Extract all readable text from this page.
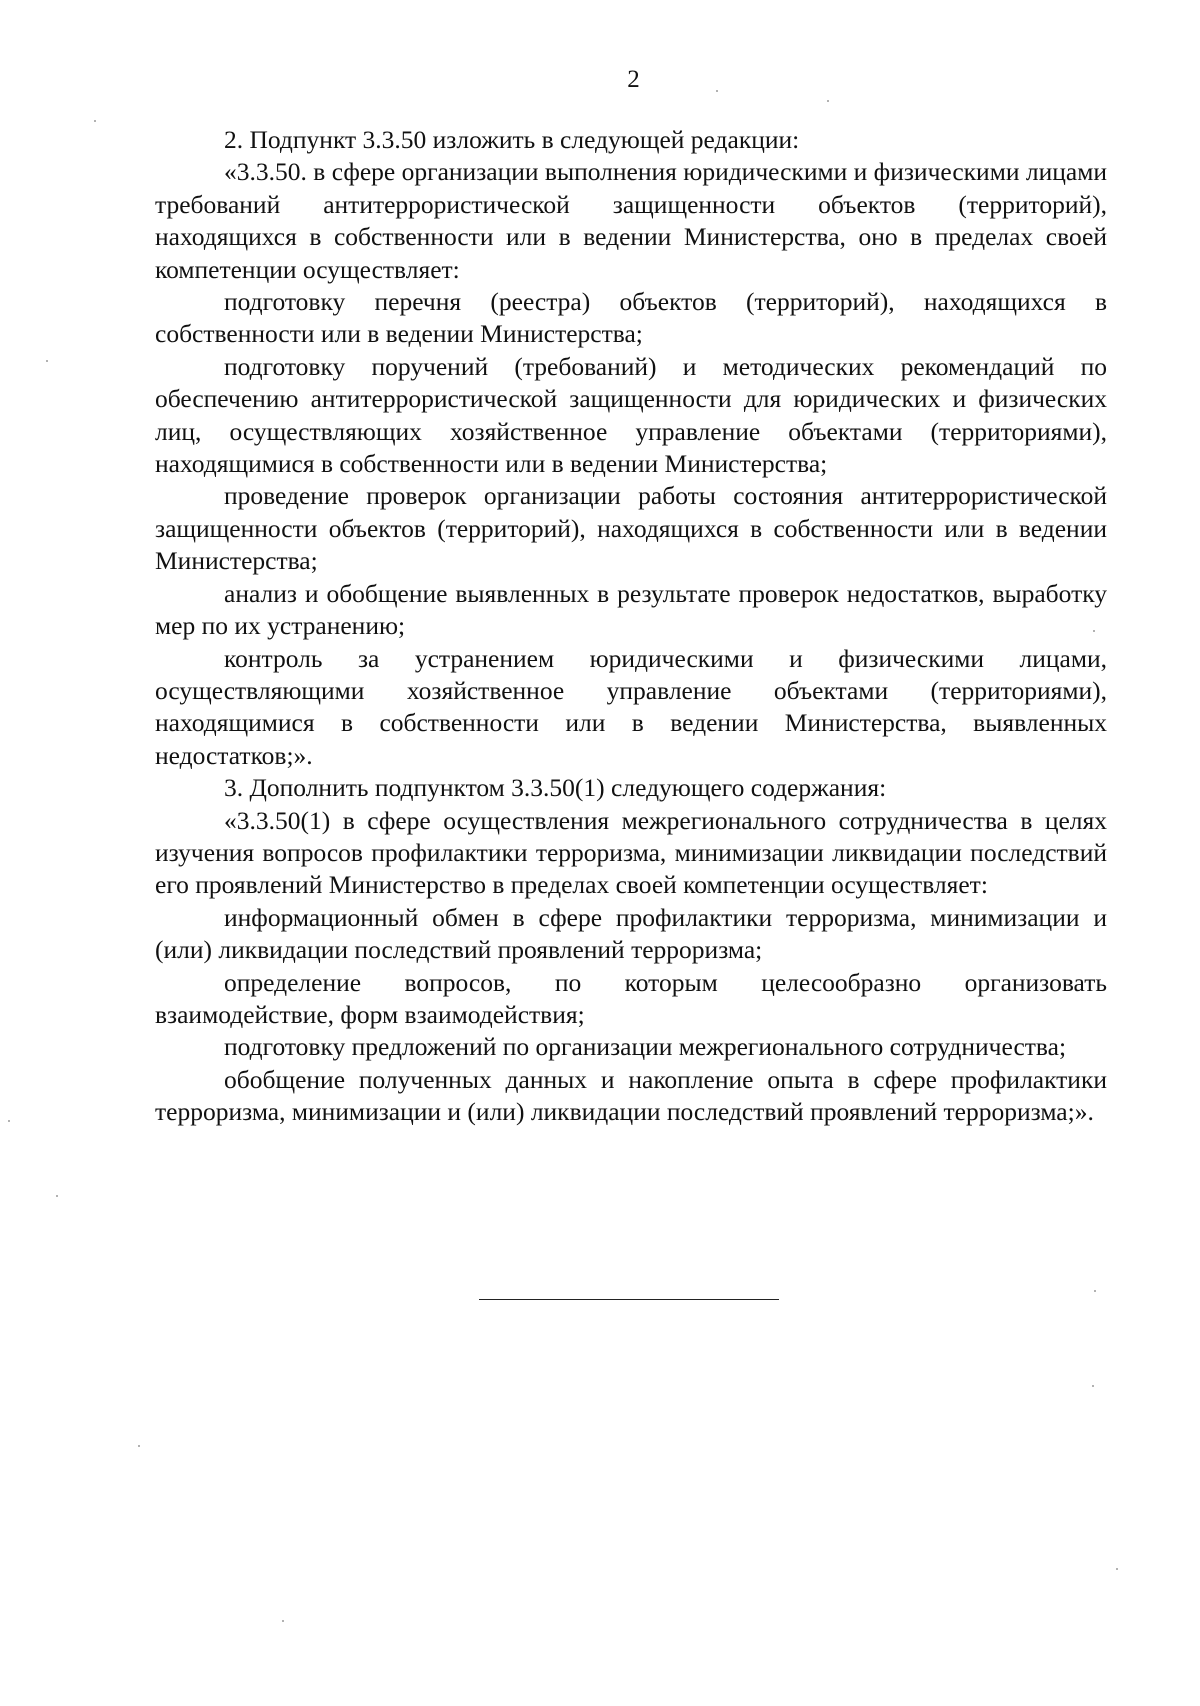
2

2. Подпункт 3.3.50 изложить в следующей редакции:

«3.3.50. в сфере организации выполнения юридическими и физическими лицами требований антитеррористической защищенности объектов (территорий), находящихся в собственности или в ведении Министерства, оно в пределах своей компетенции осуществляет:

подготовку перечня (реестра) объектов (территорий), находящихся в собственности или в ведении Министерства;

подготовку поручений (требований) и методических рекомендаций по обеспечению антитеррористической защищенности для юридических и физических лиц, осуществляющих хозяйственное управление объектами (территориями), находящимися в собственности или в ведении Министерства;

проведение проверок организации работы состояния антитеррористической защищенности объектов (территорий), находящихся в собственности или в ведении Министерства;

анализ и обобщение выявленных в результате проверок недостатков, выработку мер по их устранению;

контроль за устранением юридическими и физическими лицами, осуществляющими хозяйственное управление объектами (территориями), находящимися в собственности или в ведении Министерства, выявленных недостатков;».

3. Дополнить подпунктом 3.3.50(1) следующего содержания:

«3.3.50(1) в сфере осуществления межрегионального сотрудничества в целях изучения вопросов профилактики терроризма, минимизации ликвидации последствий его проявлений Министерство в пределах своей компетенции осуществляет:

информационный обмен в сфере профилактики терроризма, минимизации и (или) ликвидации последствий проявлений терроризма;

определение вопросов, по которым целесообразно организовать взаимодействие, форм взаимодействия;

подготовку предложений по организации межрегионального сотрудничества;

обобщение полученных данных и накопление опыта в сфере профилактики терроризма, минимизации и (или) ликвидации последствий проявлений терроризма;».
